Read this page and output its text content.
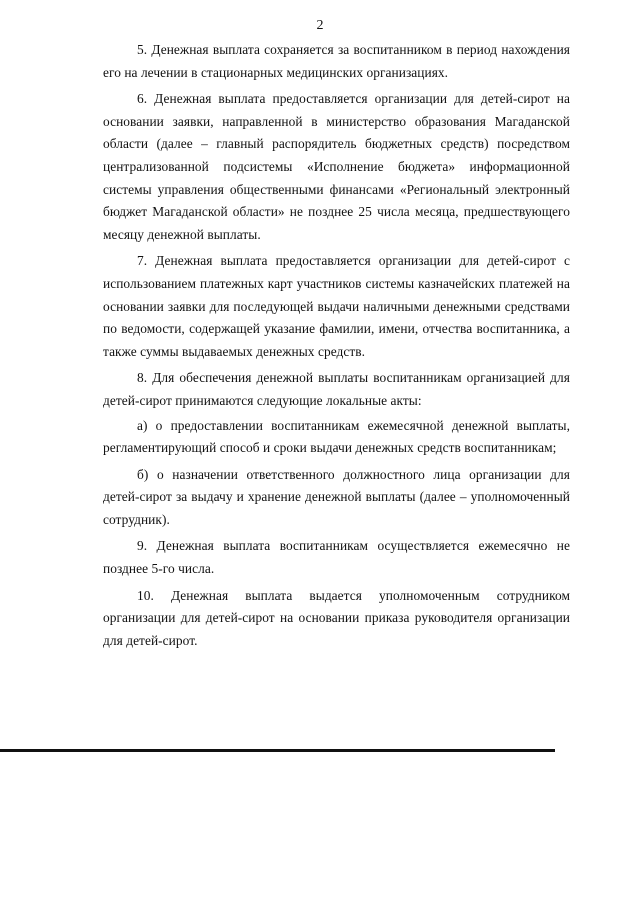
2

5. Денежная выплата сохраняется за воспитанником в период нахождения его на лечении в стационарных медицинских организациях.

6. Денежная выплата предоставляется организации для детей-сирот на основании заявки, направленной в министерство образования Магаданской области (далее – главный распорядитель бюджетных средств) посредством централизованной подсистемы «Исполнение бюджета» информационной системы управления общественными финансами «Региональный электронный бюджет Магаданской области» не позднее 25 числа месяца, предшествующего месяцу денежной выплаты.

7. Денежная выплата предоставляется организации для детей-сирот с использованием платежных карт участников системы казначейских платежей на основании заявки для последующей выдачи наличными денежными средствами по ведомости, содержащей указание фамилии, имени, отчества воспитанника, а также суммы выдаваемых денежных средств.

8. Для обеспечения денежной выплаты воспитанникам организацией для детей-сирот принимаются следующие локальные акты:

а) о предоставлении воспитанникам ежемесячной денежной выплаты, регламентирующий способ и сроки выдачи денежных средств воспитанникам;

б) о назначении ответственного должностного лица организации для детей-сирот за выдачу и хранение денежной выплаты (далее – уполномоченный сотрудник).

9. Денежная выплата воспитанникам осуществляется ежемесячно не позднее 5-го числа.

10. Денежная выплата выдается уполномоченным сотрудником организации для детей-сирот на основании приказа руководителя организации для детей-сирот.
